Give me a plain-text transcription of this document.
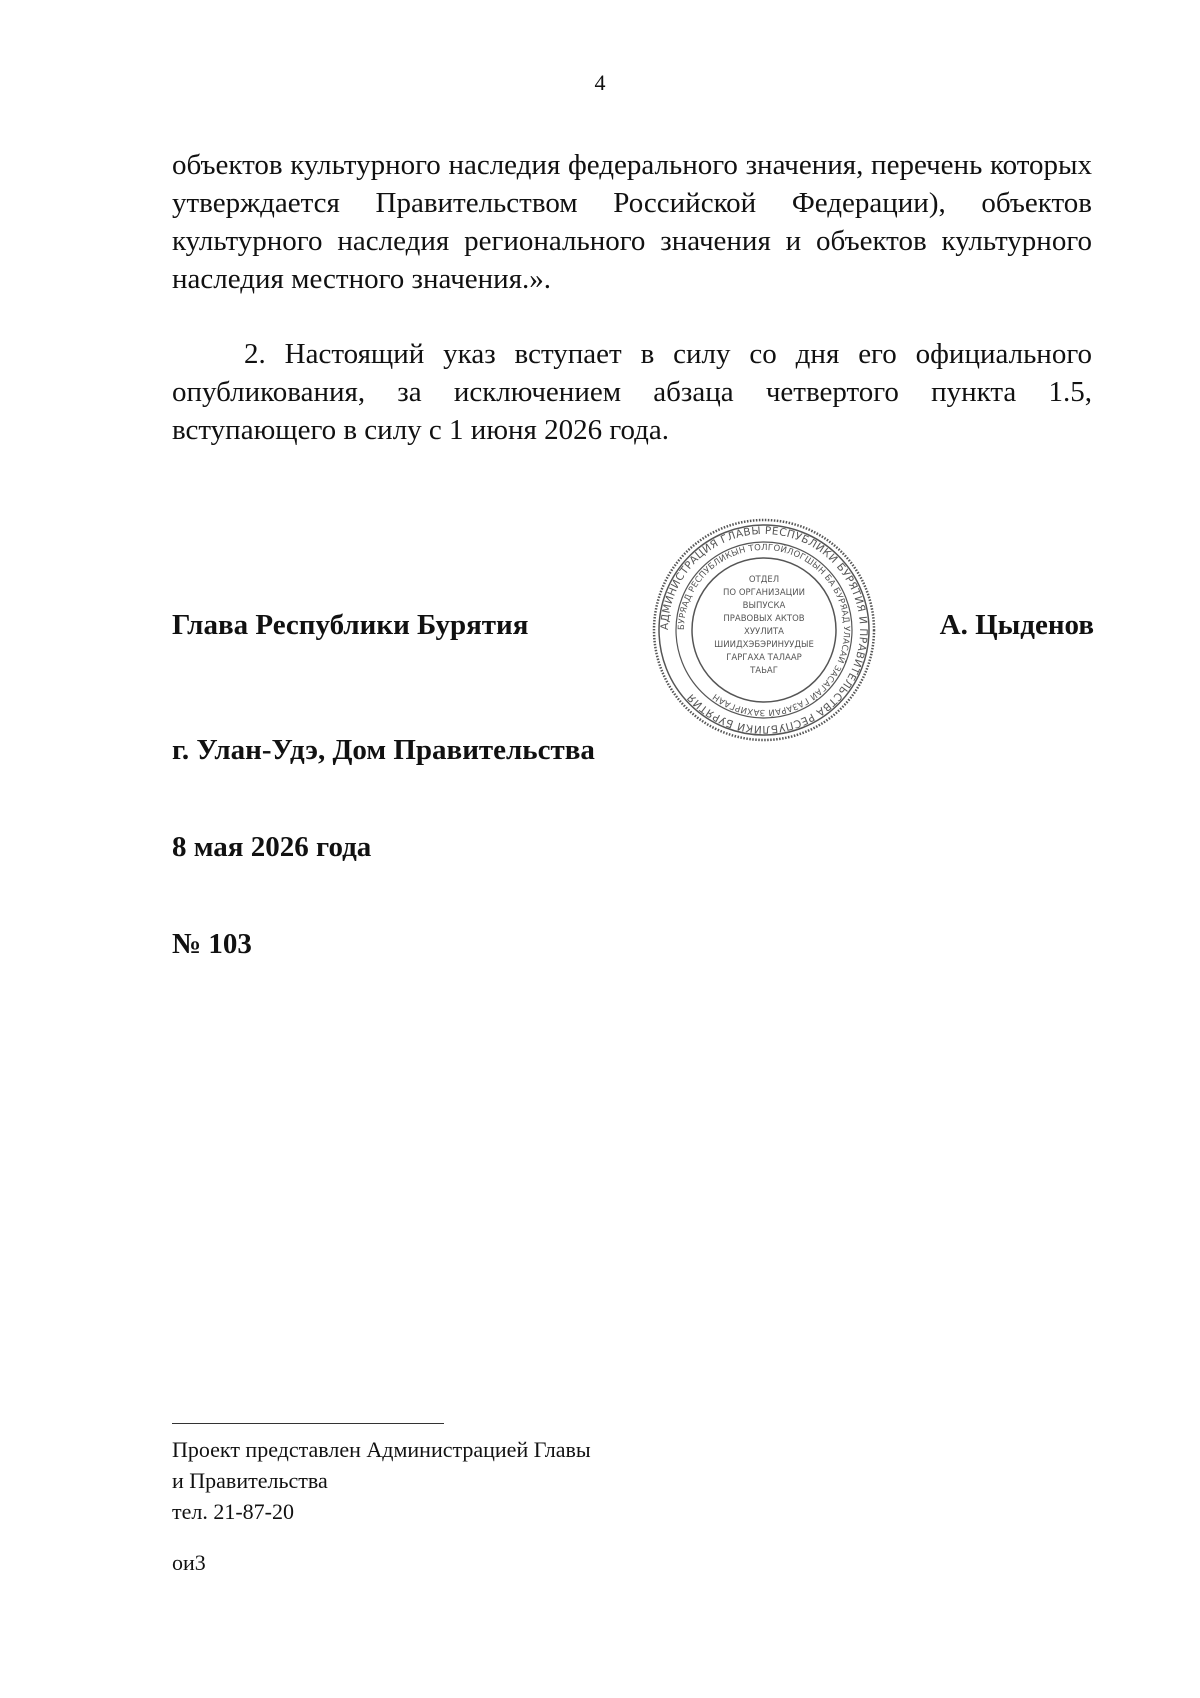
4

объектов культурного наследия федерального значения, перечень которых утверждается Правительством Российской Федерации), объектов культурного наследия регионального значения и объектов культурного наследия местного значения.».

2. Настоящий указ вступает в силу со дня его официального опубликования, за исключением абзаца четвертого пункта 1.5, вступающего в силу с 1 июня 2026 года.

Глава Республики Бурятия	АДМИНИСТРАЦИЯ ГЛАВЫ РЕСПУБЛИКИ БУРЯТИЯ И ПРАВИТЕЛЬСТВА РЕСПУБЛИКИ БУРЯТИЯ
БУРЯАД РЕСПУБЛИКЫН ТОЛГОЙЛОГШЫН БА БУРЯАД УЛАСАЙ ЗАСАГАЙ ГАЗАРАЙ ЗАХИРГААН
ОТДЕЛ
ПО ОРГАНИЗАЦИИ
ВЫПУСКА
ПРАВОВЫХ АКТОВ
ХУУЛИТА
ШИИДХЭБЭРИНУУДЫЕ
ГАРГАХА ТАЛААР
ТАЬАГ
А. Цыденов
г. Улан-Удэ, Дом Правительства
8 мая 2026 года
№ 103
Проект представлен Администрацией Главы
и Правительства
тел. 21-87-20
ои3
